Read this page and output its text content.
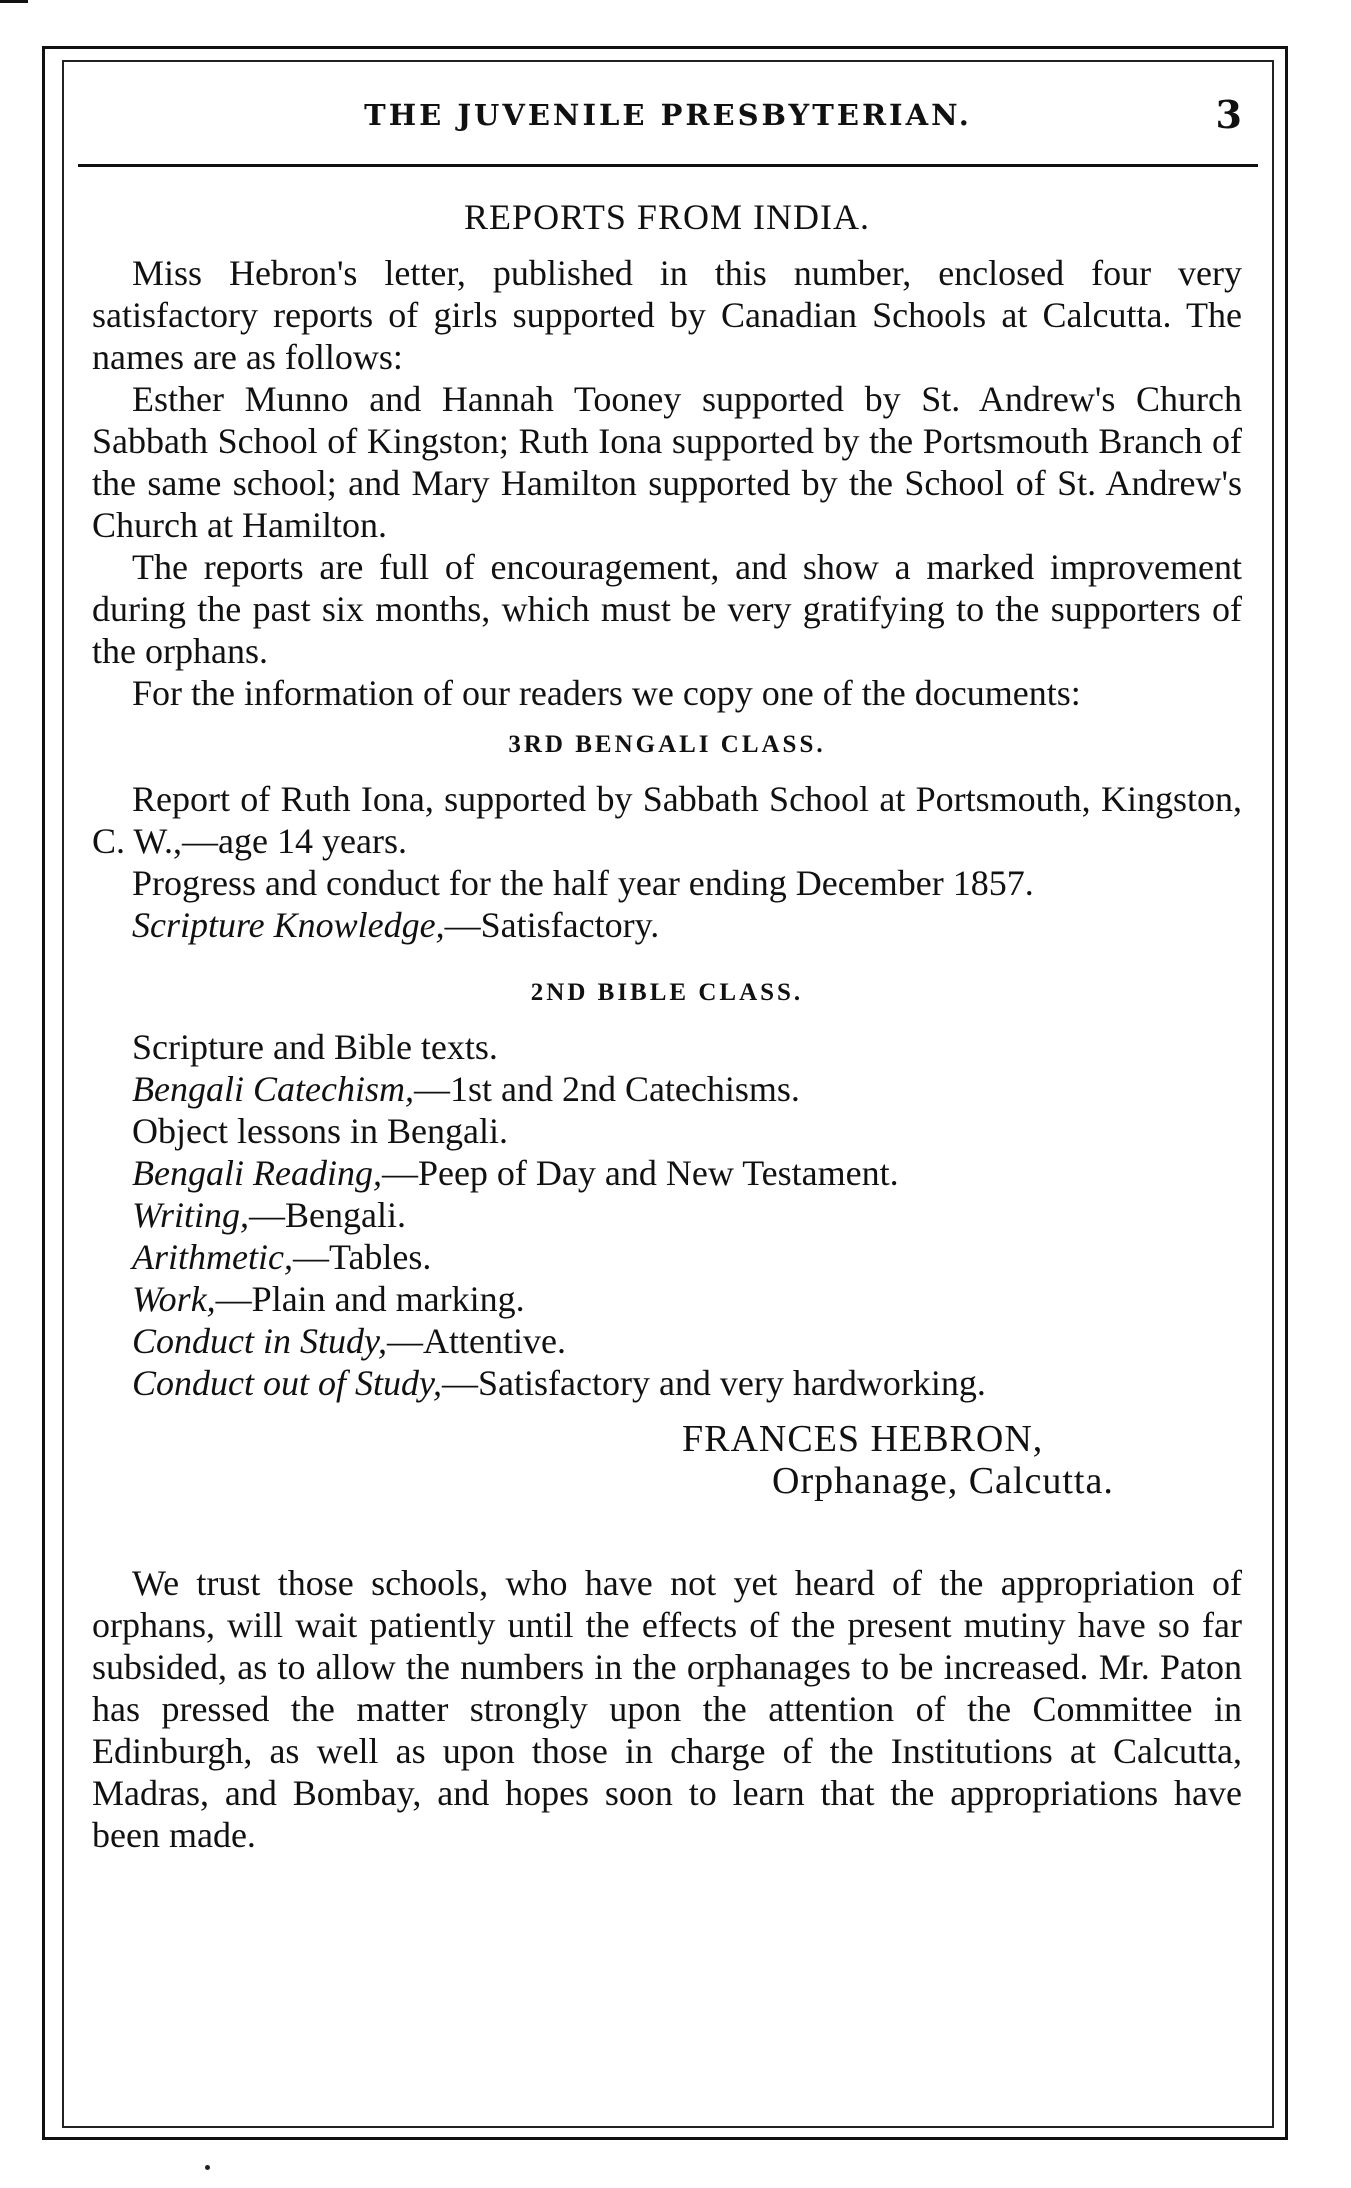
THE JUVENILE PRESBYTERIAN.	3
REPORTS FROM INDIA.

Miss Hebron's letter, published in this number, enclosed four very satisfactory reports of girls supported by Canadian Schools at Calcutta. The names are as follows:

Esther Munno and Hannah Tooney supported by St. Andrew's Church Sabbath School of Kingston; Ruth Iona supported by the Portsmouth Branch of the same school; and Mary Hamilton supported by the School of St. Andrew's Church at Hamilton.

The reports are full of encouragement, and show a marked improvement during the past six months, which must be very gratifying to the supporters of the orphans.

For the information of our readers we copy one of the documents:

3RD BENGALI CLASS.

Report of Ruth Iona, supported by Sabbath School at Portsmouth, Kingston, C. W.,—age 14 years.

Progress and conduct for the half year ending December 1857.

Scripture Knowledge,—Satisfactory.

2ND BIBLE CLASS.

Scripture and Bible texts.

Bengali Catechism,—1st and 2nd Catechisms.

Object lessons in Bengali.

Bengali Reading,—Peep of Day and New Testament.

Writing,—Bengali.

Arithmetic,—Tables.

Work,—Plain and marking.

Conduct in Study,—Attentive.

Conduct out of Study,—Satisfactory and very hardworking.

FRANCES HEBRON,
Orphanage, Calcutta.

We trust those schools, who have not yet heard of the appropriation of orphans, will wait patiently until the effects of the present mutiny have so far subsided, as to allow the numbers in the orphanages to be increased. Mr. Paton has pressed the matter strongly upon the attention of the Committee in Edinburgh, as well as upon those in charge of the Institutions at Calcutta, Madras, and Bombay, and hopes soon to learn that the appropriations have been made.
